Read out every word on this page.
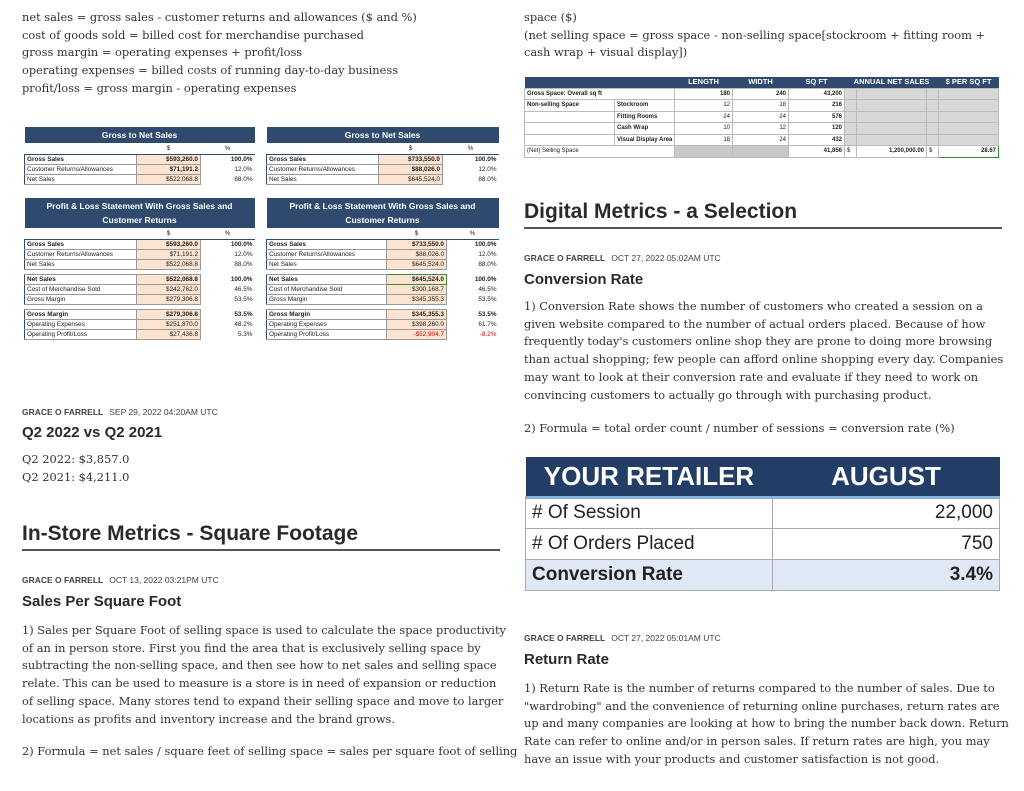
net sales = gross sales - customer returns and allowances ($ and %)
cost of goods sold = billed cost for merchandise purchased
gross margin = operating expenses + profit/loss
operating expenses = billed costs of running day-to-day business
profit/loss = gross margin - operating expenses
Gross to Net Sales		
	$	%
Gross Sales	$593,260.0	100.0%
Customer Returns/Allowances	$71,191.2	12.0%
Net Sales	$522,068.8	88.0%
Gross to Net Sales		
	$	%
Gross Sales	$733,550.0	100.0%
Customer Returns/Allowances	$88,026.0	12.0%
Net Sales	$645,524.0	88.0%
Profit & Loss Statement With Gross Sales and Customer Returns		
	$	%
Gross Sales	$593,260.0	100.0%
Customer Returns/Allowances	$71,191.2	12.0%
Net Sales	$522,068.8	88.0%

Net Sales	$522,068.8	100.0%
Cost of Merchandise Sold	$242,762.0	46.5%
Gross Margin	$279,306.8	53.5%

Gross Margin	$279,306.8	53.5%
Operating Expenses	$251,870.0	48.2%
Operating Profit/Loss	$27,436.8	5.3%
Profit & Loss Statement With Gross Sales and Customer Returns		
	$	%
Gross Sales	$733,550.0	100.0%
Customer Returns/Allowances	$88,026.0	12.0%
Net Sales	$645,524.0	88.0%

Net Sales	$645,524.0	100.0%
Cost of Merchandise Sold	$300,168.7	46.5%
Gross Margin	$345,355.3	53.5%

Gross Margin	$345,355.3	53.5%
Operating Expenses	$398,260.0	61.7%
Operating Profit/Loss	-$52,904.7	-8.2%
GRACE O FARRELL SEP 29, 2022 04:20AM UTC
Q2 2022 vs Q2 2021
Q2 2022: $3,857.0
Q2 2021: $4,211.0
In-Store Metrics - Square Footage
GRACE O FARRELL OCT 13, 2022 03:21PM UTC
Sales Per Square Foot
1) Sales per Square Foot of selling space is used to calculate the space productivity of an in person store. First you find the area that is exclusively selling space by subtracting the non-selling space, and then see how to net sales and selling space relate. This can be used to measure is a store is in need of expansion or reduction of selling space. Many stores tend to expand their selling space and move to larger locations as profits and inventory increase and the brand grows.
2) Formula = net sales / square feet of selling space = sales per square foot of selling
space ($)
(net selling space = gross space - non-selling space[stockroom + fitting room + cash wrap + visual display])
		LENGTH	WIDTH	SQ FT	ANNUAL NET SALES			$ PER SQ FT
Gross Space: Overall sq ft		180	240	43,200				
Non-selling Space	Stockroom	12	18	216				
	Fitting Rooms	24	24	576				
	Cash Wrap	10	12	120				
	Visual Display Area	18	24	432				
(Net) Selling Space				41,856	$	1,200,000.00	$	28.67
Digital Metrics - a Selection
GRACE O FARRELL OCT 27, 2022 05:02AM UTC
Conversion Rate
1) Conversion Rate shows the number of customers who created a session on a given website compared to the number of actual orders placed. Because of how frequently today's customers online shop they are prone to doing more browsing than actual shopping; few people can afford online shopping every day. Companies may want to look at their conversion rate and evaluate if they need to work on convincing customers to actually go through with purchasing product.
2) Formula = total order count / number of sessions = conversion rate (%)
YOUR RETAILER	AUGUST
# Of Session	22,000
# Of Orders Placed	750
Conversion Rate	3.4%
GRACE O FARRELL OCT 27, 2022 05:01AM UTC
Return Rate
1) Return Rate is the number of returns compared to the number of sales. Due to "wardrobing" and the convenience of returning online purchases, return rates are up and many companies are looking at how to bring the number back down. Return Rate can refer to online and/or in person sales. If return rates are high, you may have an issue with your products and customer satisfaction is not good.
